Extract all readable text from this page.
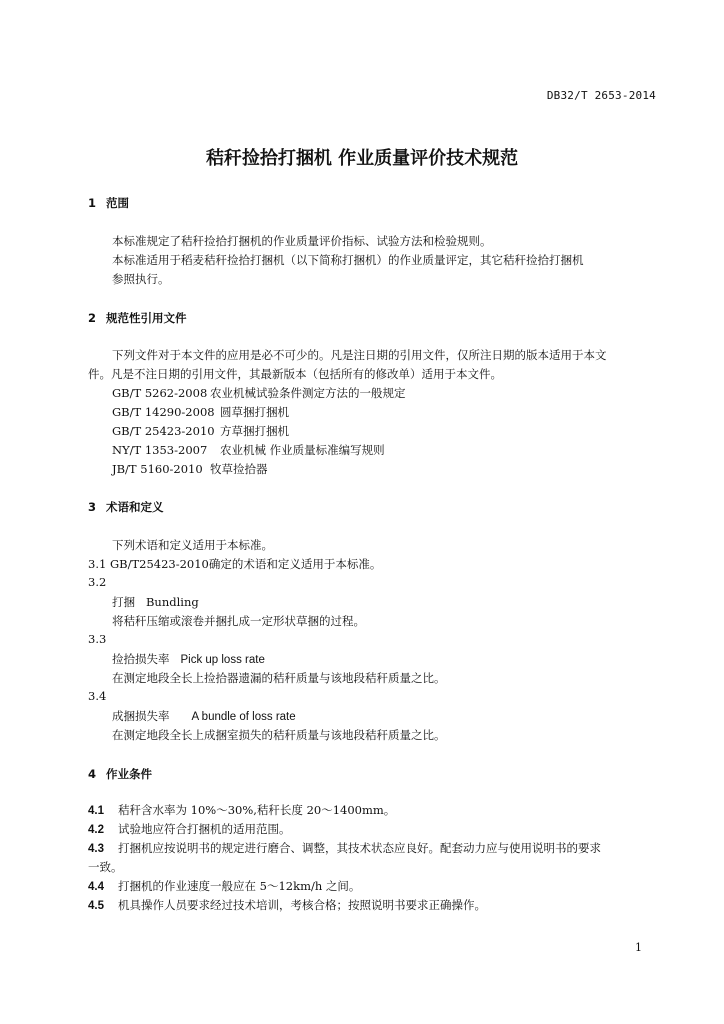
DB32/T 2653-2014
秸秆捡拾打捆机 作业质量评价技术规范
1 范围
本标准规定了秸秆捡拾打捆机的作业质量评价指标、试验方法和检验规则。
本标准适用于稻麦秸秆捡拾打捆机（以下简称打捆机）的作业质量评定，其它秸秆捡拾打捆机
参照执行。
2 规范性引用文件
下列文件对于本文件的应用是必不可少的。凡是注日期的引用文件，仅所注日期的版本适用于本文
件。凡是不注日期的引用文件，其最新版本（包括所有的修改单）适用于本文件。
GB/T 5262-2008 农业机械试验条件测定方法的一般规定
GB/T 14290-2008 圆草捆打捆机
GB/T 25423-2010 方草捆打捆机
NY/T 1353-2007 农业机械 作业质量标准编写规则
JB/T 5160-2010 牧草捡拾器
3 术语和定义
下列术语和定义适用于本标准。
3.1 GB/T25423-2010确定的术语和定义适用于本标准。
3.2
打捆 Bundling
将秸秆压缩或滚卷并捆扎成一定形状草捆的过程。
3.3
捡拾损失率 Pick up loss rate
在测定地段全长上捡拾器遗漏的秸秆质量与该地段秸秆质量之比。
3.4
成捆损失率 A bundle of loss rate
在测定地段全长上成捆室损失的秸秆质量与该地段秸秆质量之比。
4 作业条件
4.1 秸秆含水率为 10%～30%,秸秆长度 20～1400mm。
4.2 试验地应符合打捆机的适用范围。
4.3 打捆机应按说明书的规定进行磨合、调整，其技术状态应良好。配套动力应与使用说明书的要求
一致。
4.4 打捆机的作业速度一般应在 5～12km/h 之间。
4.5 机具操作人员要求经过技术培训，考核合格；按照说明书要求正确操作。
1
